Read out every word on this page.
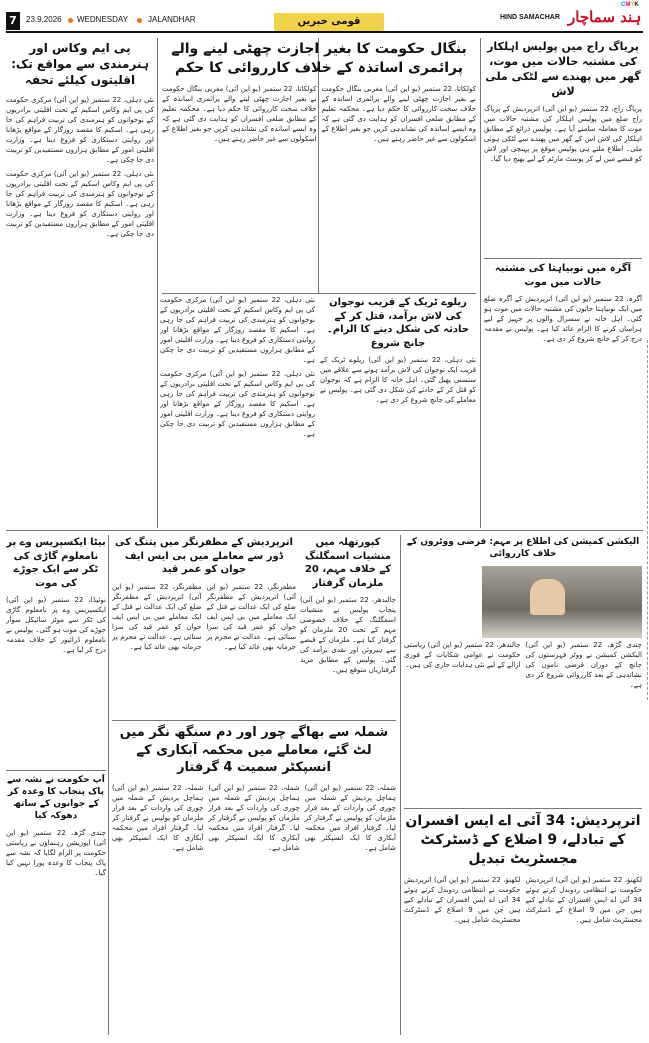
7	23.9.2026 WEDNESDAY	JALANDHAR	قومی خبریں	HIND SAMACHAR ہند سماچار
CMYK
پریاگ راج میں پولیس اہلکار کی مشتبہ حالات میں موت، گھر میں پھندے سے لٹکی ملی لاش
پریاگ راج، 22 ستمبر (یو این آئی) اترپردیش کے پریاگ راج ضلع میں پولیس اہلکار کی مشتبہ حالات میں موت کا معاملہ سامنے آیا ہے۔ پولیس ذرائع کے مطابق اہلکار کی لاش اس کے گھر میں پھندے سے لٹکی ہوئی ملی۔ اطلاع ملتے ہی پولیس موقع پر پہنچی اور لاش کو قبضے میں لے کر پوسٹ مارٹم کے لیے بھیج دیا گیا۔
آگرہ میں نوبیاہتا کی مشتبہ حالات میں موت
آگرہ، 22 ستمبر (یو این آئی) اترپردیش کے آگرہ ضلع میں ایک نوبیاہتا خاتون کی مشتبہ حالات میں موت ہو گئی۔ اہل خانہ نے سسرال والوں پر جہیز کے لیے ہراساں کرنے کا الزام عائد کیا ہے۔ پولیس نے مقدمہ درج کر کے جانچ شروع کر دی ہے۔
بنگال حکومت کا بغیر اجازت چھٹی لینے والے پرائمری اساتذہ کے خلاف کارروائی کا حکم
کولکاتا، 22 ستمبر (یو این آئی) مغربی بنگال حکومت نے بغیر اجازت چھٹی لینے والے پرائمری اساتذہ کے خلاف سخت کارروائی کا حکم دیا ہے۔ محکمہ تعلیم کے مطابق ضلعی افسران کو ہدایت دی گئی ہے کہ وہ ایسے اساتذہ کی نشاندہی کریں جو بغیر اطلاع کے اسکولوں سے غیر حاضر رہتے ہیں۔
کولکاتا، 22 ستمبر (یو این آئی) مغربی بنگال حکومت نے بغیر اجازت چھٹی لینے والے پرائمری اساتذہ کے خلاف سخت کارروائی کا حکم دیا ہے۔ محکمہ تعلیم کے مطابق ضلعی افسران کو ہدایت دی گئی ہے کہ وہ ایسے اساتذہ کی نشاندہی کریں جو بغیر اطلاع کے اسکولوں سے غیر حاضر رہتے ہیں۔
پی ایم وکاس اور ہنرمندی سے مواقع تک: اقلیتوں کیلئے تحفہ
نئی دہلی، 22 ستمبر (یو این آئی) مرکزی حکومت کی پی ایم وکاس اسکیم کے تحت اقلیتی برادریوں کے نوجوانوں کو ہنرمندی کی تربیت فراہم کی جا رہی ہے۔ اسکیم کا مقصد روزگار کے مواقع بڑھانا اور روایتی دستکاری کو فروغ دینا ہے۔ وزارت اقلیتی امور کے مطابق ہزاروں مستفیدین کو تربیت دی جا چکی ہے۔
نئی دہلی، 22 ستمبر (یو این آئی) مرکزی حکومت کی پی ایم وکاس اسکیم کے تحت اقلیتی برادریوں کے نوجوانوں کو ہنرمندی کی تربیت فراہم کی جا رہی ہے۔ اسکیم کا مقصد روزگار کے مواقع بڑھانا اور روایتی دستکاری کو فروغ دینا ہے۔ وزارت اقلیتی امور کے مطابق ہزاروں مستفیدین کو تربیت دی جا چکی ہے۔
نئی دہلی، 22 ستمبر (یو این آئی) مرکزی حکومت کی پی ایم وکاس اسکیم کے تحت اقلیتی برادریوں کے نوجوانوں کو ہنرمندی کی تربیت فراہم کی جا رہی ہے۔ اسکیم کا مقصد روزگار کے مواقع بڑھانا اور روایتی دستکاری کو فروغ دینا ہے۔ وزارت اقلیتی امور کے مطابق ہزاروں مستفیدین کو تربیت دی جا چکی ہے۔
نئی دہلی، 22 ستمبر (یو این آئی) مرکزی حکومت کی پی ایم وکاس اسکیم کے تحت اقلیتی برادریوں کے نوجوانوں کو ہنرمندی کی تربیت فراہم کی جا رہی ہے۔ اسکیم کا مقصد روزگار کے مواقع بڑھانا اور روایتی دستکاری کو فروغ دینا ہے۔ وزارت اقلیتی امور کے مطابق ہزاروں مستفیدین کو تربیت دی جا چکی ہے۔
ریلوے ٹریک کے قریب نوجوان کی لاش برآمد، قتل کر کے حادثہ کی شکل دینے کا الزام۔ جانچ شروع
نئی دہلی، 22 ستمبر (یو این آئی) ریلوے ٹریک کے قریب ایک نوجوان کی لاش برآمد ہونے سے علاقے میں سنسنی پھیل گئی۔ اہل خانہ کا الزام ہے کہ نوجوان کو قتل کر کے حادثے کی شکل دی گئی ہے۔ پولیس نے معاملے کی جانچ شروع کر دی ہے۔
الیکشن کمیشن کی اطلاع پر مہم: فرضی ووٹروں کے خلاف کارروائی
چندی گڑھ، 22 ستمبر (یو این آئی) الیکشن کمیشن نے ووٹر فہرستوں کی جانچ کے دوران فرضی ناموں کی نشاندہی کے بعد کارروائی شروع کر دی ہے۔
جالندھر، 22 ستمبر (یو این آئی) ریاستی حکومت نے عوامی شکایات کے فوری ازالے کے لیے نئی ہدایات جاری کی ہیں۔
اترپردیش: 34 آئی اے ایس افسران کے تبادلے، 9 اضلاع کے ڈسٹرکٹ مجسٹریٹ تبدیل
لکھنؤ، 22 ستمبر (یو این آئی) اترپردیش حکومت نے انتظامی ردوبدل کرتے ہوئے 34 آئی اے ایس افسران کے تبادلے کیے ہیں جن میں 9 اضلاع کے ڈسٹرکٹ مجسٹریٹ شامل ہیں۔
لکھنؤ، 22 ستمبر (یو این آئی) اترپردیش حکومت نے انتظامی ردوبدل کرتے ہوئے 34 آئی اے ایس افسران کے تبادلے کیے ہیں جن میں 9 اضلاع کے ڈسٹرکٹ مجسٹریٹ شامل ہیں۔
کپورتھلہ میں منشیات اسمگلنگ کے خلاف مہم، 20 ملزمان گرفتار
جالندھر، 22 ستمبر (یو این آئی) پنجاب پولیس نے منشیات اسمگلنگ کے خلاف خصوصی مہم کے تحت 20 ملزمان کو گرفتار کیا ہے۔ ملزمان کے قبضے سے ہیروئن اور نقدی برآمد کی گئی۔ پولیس کے مطابق مزید گرفتاریاں متوقع ہیں۔
اترپردیش کے مظفرنگر میں پتنگ کی ڈور سے معاملے میں بی ایس ایف جوان کو عمر قید
مظفرنگر، 22 ستمبر (یو این آئی) اترپردیش کے مظفرنگر ضلع کی ایک عدالت نے قتل کے ایک معاملے میں بی ایس ایف جوان کو عمر قید کی سزا سنائی ہے۔ عدالت نے مجرم پر جرمانہ بھی عائد کیا ہے۔
مظفرنگر، 22 ستمبر (یو این آئی) اترپردیش کے مظفرنگر ضلع کی ایک عدالت نے قتل کے ایک معاملے میں بی ایس ایف جوان کو عمر قید کی سزا سنائی ہے۔ عدالت نے مجرم پر جرمانہ بھی عائد کیا ہے۔
شملہ سے بھاگے چور اور دم سنگھ نگر میں لٹ گئے، معاملے میں محکمہ آبکاری کے انسپکٹر سمیت 4 گرفتار
شملہ، 22 ستمبر (یو این آئی) ہماچل پردیش کے شملہ میں چوری کی واردات کے بعد فرار ملزمان کو پولیس نے گرفتار کر لیا۔ گرفتار افراد میں محکمہ آبکاری کا ایک انسپکٹر بھی شامل ہے۔
شملہ، 22 ستمبر (یو این آئی) ہماچل پردیش کے شملہ میں چوری کی واردات کے بعد فرار ملزمان کو پولیس نے گرفتار کر لیا۔ گرفتار افراد میں محکمہ آبکاری کا ایک انسپکٹر بھی شامل ہے۔
شملہ، 22 ستمبر (یو این آئی) ہماچل پردیش کے شملہ میں چوری کی واردات کے بعد فرار ملزمان کو پولیس نے گرفتار کر لیا۔ گرفتار افراد میں محکمہ آبکاری کا ایک انسپکٹر بھی شامل ہے۔
بیٹا ایکسپریس وے پر نامعلوم گاڑی کی ٹکر سے ایک جوڑے کی موت
نوئیڈا، 22 ستمبر (یو این آئی) ایکسپریس وے پر نامعلوم گاڑی کی ٹکر سے موٹر سائیکل سوار جوڑے کی موت ہو گئی۔ پولیس نے نامعلوم ڈرائیور کے خلاف مقدمہ درج کر لیا ہے۔
آپ حکومت نے نشہ سے پاک پنجاب کا وعدہ کر کے جوانوں کے ساتھ دھوکہ کیا
چندی گڑھ، 22 ستمبر (یو این آئی) اپوزیشن رہنماؤں نے ریاستی حکومت پر الزام لگایا کہ نشہ سے پاک پنجاب کا وعدہ پورا نہیں کیا گیا۔
